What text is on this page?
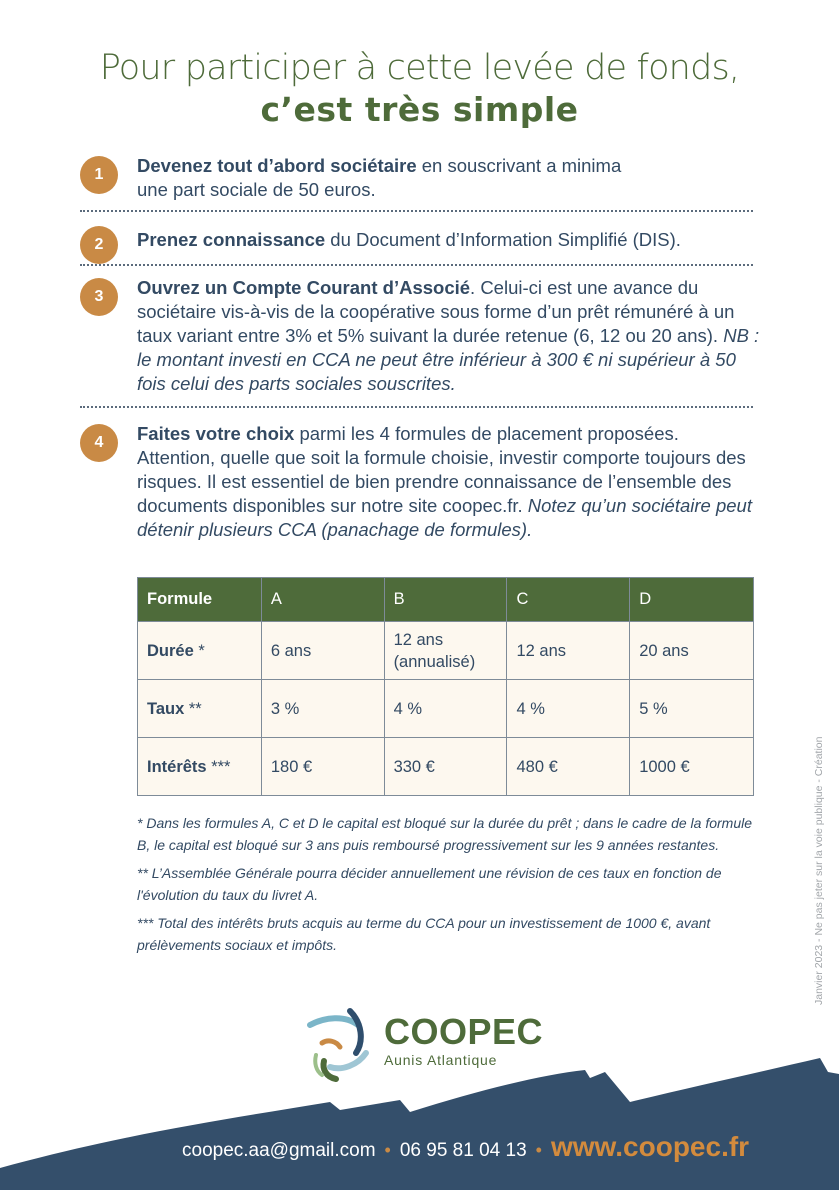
Pour participer à cette levée de fonds,
c’est très simple
1	Devenez tout d’abord sociétaire en souscrivant a minima
une part sociale de 50 euros.
2	Prenez connaissance du Document d’Information Simplifié (DIS).
3	Ouvrez un Compte Courant d’Associé. Celui-ci est une avance du sociétaire vis-à-vis de la coopérative sous forme d’un prêt rémunéré à un taux variant entre 3% et 5% suivant la durée retenue (6, 12 ou 20 ans). NB : le montant investi en CCA ne peut être inférieur à 300 € ni supérieur à 50 fois celui des parts sociales souscrites.
4	Faites votre choix parmi les 4 formules de placement proposées. Attention, quelle que soit la formule choisie, investir comporte toujours des risques. Il est essentiel de bien prendre connaissance de l’ensemble des documents disponibles sur notre site coopec.fr. Notez qu’un sociétaire peut détenir plusieurs CCA (panachage de formules).
Formule	A	B	C	D
Durée *	6 ans	12 ans (annualisé)	12 ans	20 ans
Taux **	3 %	4 %	4 %	5 %
Intérêts ***	180 €	330 €	480 €	1000 €

* Dans les formules A, C et D le capital est bloqué sur la durée du prêt ; dans le cadre de la formule B, le capital est bloqué sur 3 ans puis remboursé progressivement sur les 9 années restantes.

** L’Assemblée Générale pourra décider annuellement une révision de ces taux en fonction de l'évolution du taux du livret A.

*** Total des intérêts bruts acquis au terme du CCA pour un investissement de 1000 €, avant prélèvements sociaux et impôts.	Janvier 2023 - Ne pas jeter sur la voie publique - Création
COOPEC
Aunis Atlantique
coopec.aa@gmail.com • 06 95 81 04 13 • www.coopec.fr
